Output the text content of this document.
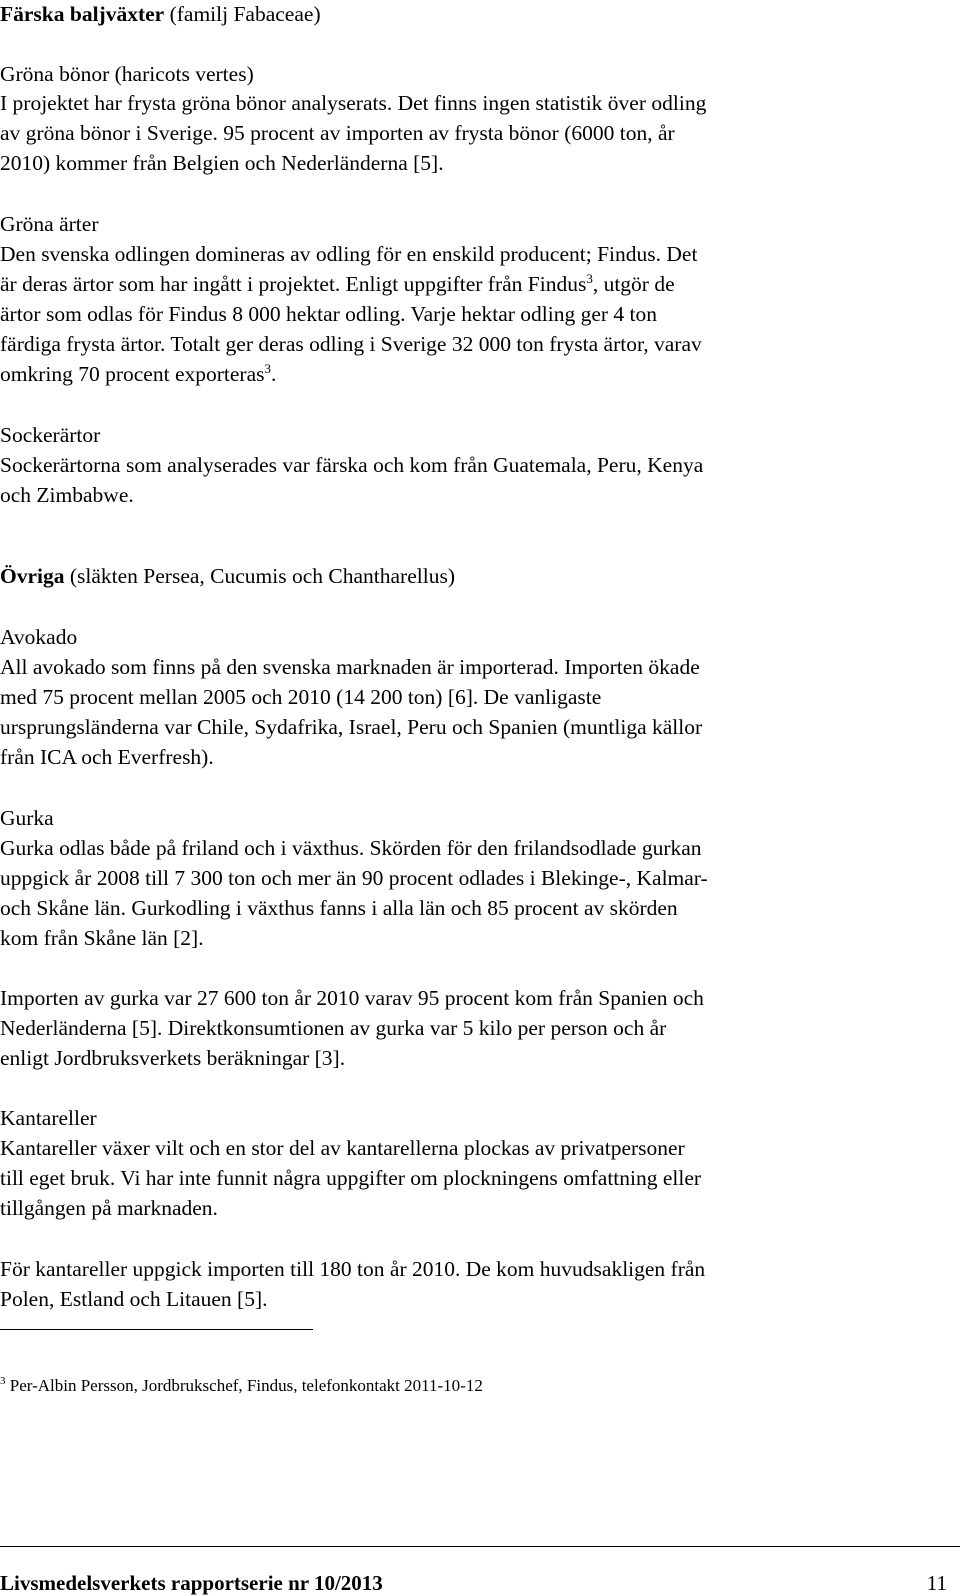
Färska baljväxter (familj Fabaceae)
Gröna bönor (haricots vertes)
I projektet har frysta gröna bönor analyserats. Det finns ingen statistik över odling
av gröna bönor i Sverige. 95 procent av importen av frysta bönor (6000 ton, år
2010) kommer från Belgien och Nederländerna [5].
Gröna ärter
Den svenska odlingen domineras av odling för en enskild producent; Findus. Det
är deras ärtor som har ingått i projektet. Enligt uppgifter från Findus$^3$, utgör de
ärtor som odlas för Findus 8 000 hektar odling. Varje hektar odling ger 4 ton
färdiga frysta ärtor. Totalt ger deras odling i Sverige 32 000 ton frysta ärtor, varav
omkring 70 procent exporteras$^3$.
Sockerärtor
Sockerärtorna som analyserades var färska och kom från Guatemala, Peru, Kenya
och Zimbabwe.
Övriga (släkten Persea, Cucumis och Chantharellus)
Avokado
All avokado som finns på den svenska marknaden är importerad. Importen ökade
med 75 procent mellan 2005 och 2010 (14 200 ton) [6]. De vanligaste
ursprungsländerna var Chile, Sydafrika, Israel, Peru och Spanien (muntliga källor
från ICA och Everfresh).
Gurka
Gurka odlas både på friland och i växthus. Skörden för den frilandsodlade gurkan
uppgick år 2008 till 7 300 ton och mer än 90 procent odlades i Blekinge-, Kalmar-
och Skåne län. Gurkodling i växthus fanns i alla län och 85 procent av skörden
kom från Skåne län [2].
Importen av gurka var 27 600 ton år 2010 varav 95 procent kom från Spanien och
Nederländerna [5]. Direktkonsumtionen av gurka var 5 kilo per person och år
enligt Jordbruksverkets beräkningar [3].
Kantareller
Kantareller växer vilt och en stor del av kantarellerna plockas av privatpersoner
till eget bruk. Vi har inte funnit några uppgifter om plockningens omfattning eller
tillgången på marknaden.
För kantareller uppgick importen till 180 ton år 2010. De kom huvudsakligen från
Polen, Estland och Litauen [5].
$^3$ Per-Albin Persson, Jordbrukschef, Findus, telefonkontakt 2011-10-12
Livsmedelsverkets rapportserie nr 10/2013	11
